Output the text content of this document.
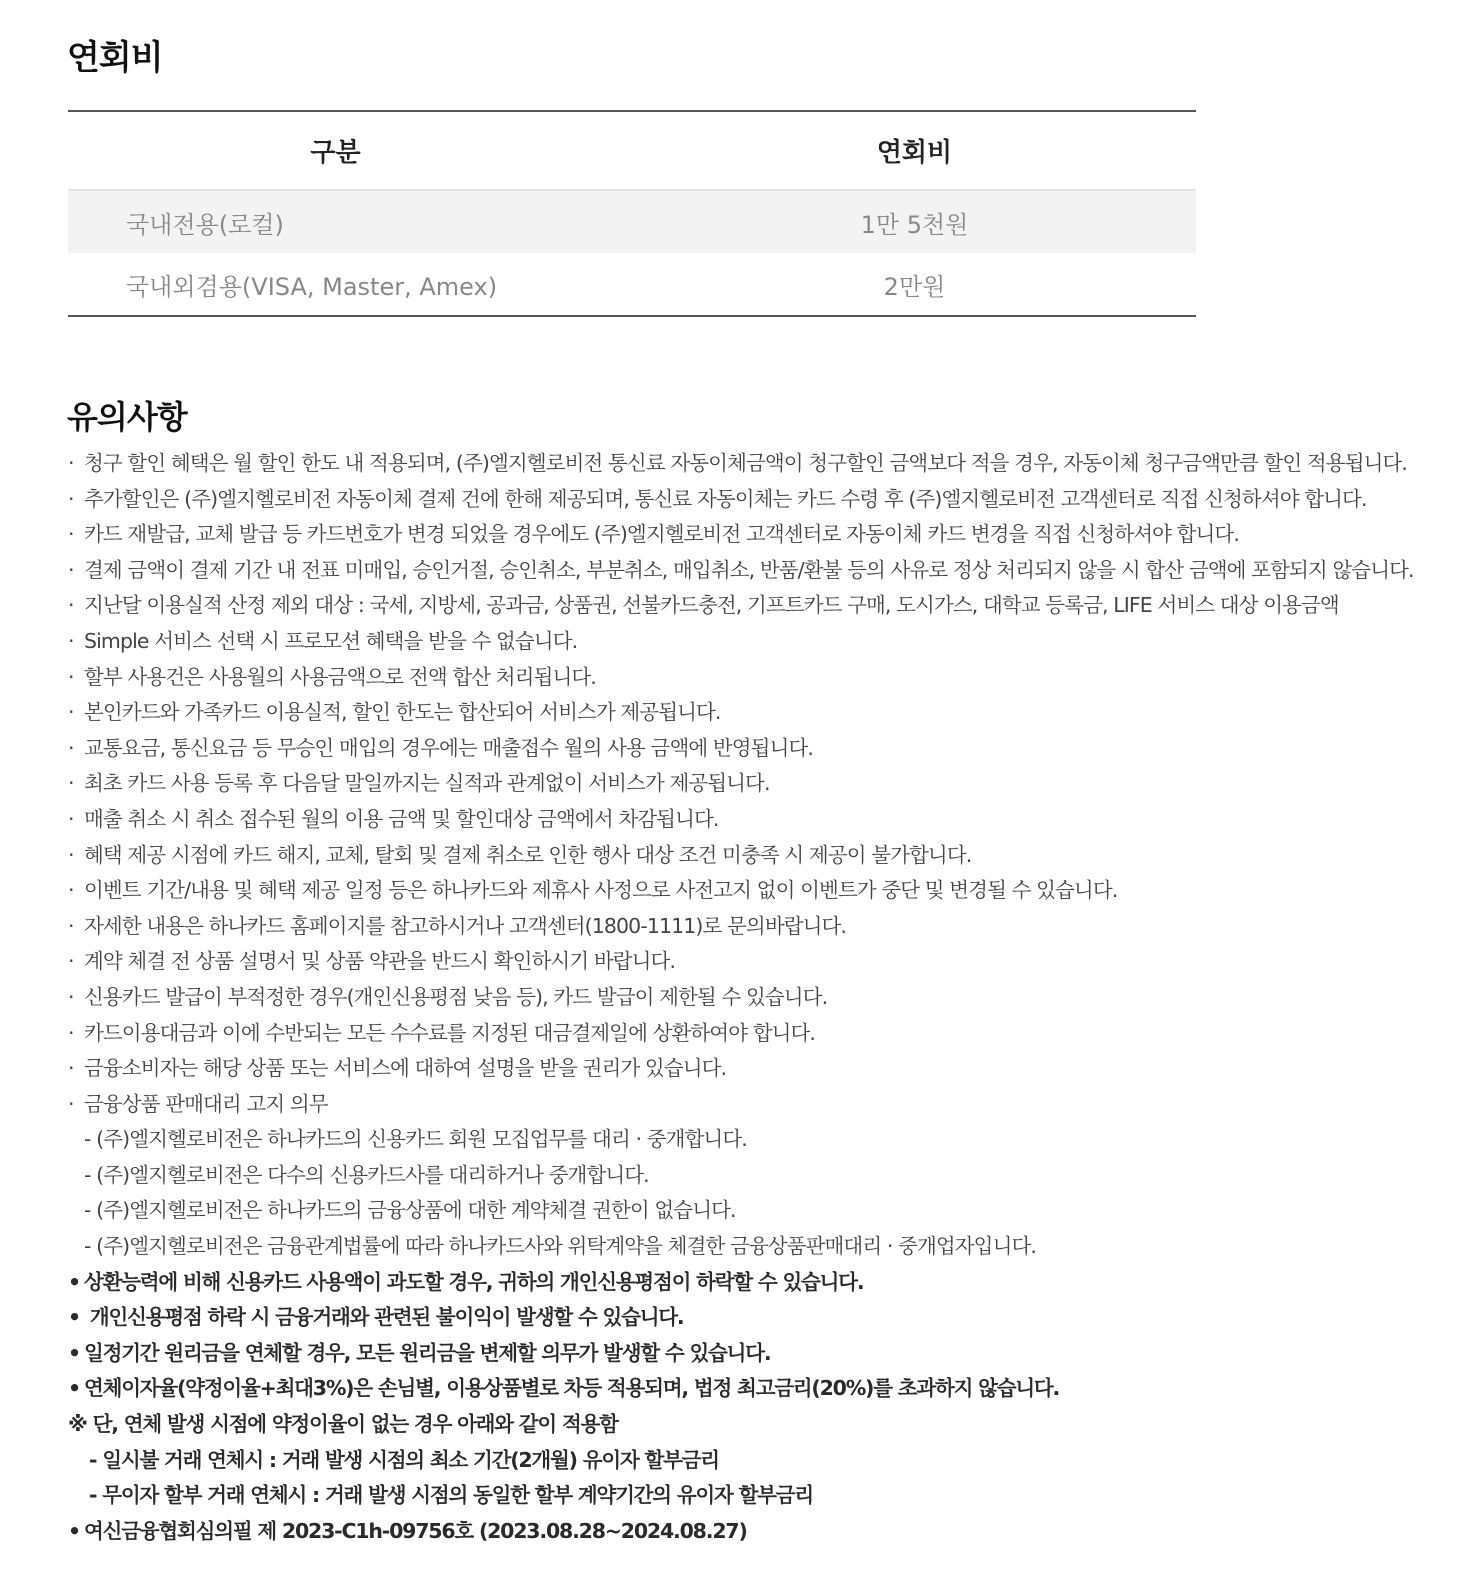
연회비
구분	연회비
국내전용(로컬)	1만 5천원
국내외겸용(VISA, Master, Amex)	2만원
유의사항
· 청구 할인 혜택은 월 할인 한도 내 적용되며, (주)엘지헬로비전 통신료 자동이체금액이 청구할인 금액보다 적을 경우, 자동이체 청구금액만큼 할인 적용됩니다.
· 추가할인은 (주)엘지헬로비전 자동이체 결제 건에 한해 제공되며, 통신료 자동이체는 카드 수령 후 (주)엘지헬로비전 고객센터로 직접 신청하셔야 합니다.
· 카드 재발급, 교체 발급 등 카드번호가 변경 되었을 경우에도 (주)엘지헬로비전 고객센터로 자동이체 카드 변경을 직접 신청하셔야 합니다.
· 결제 금액이 결제 기간 내 전표 미매입, 승인거절, 승인취소, 부분취소, 매입취소, 반품/환불 등의 사유로 정상 처리되지 않을 시 합산 금액에 포함되지 않습니다.
· 지난달 이용실적 산정 제외 대상 : 국세, 지방세, 공과금, 상품권, 선불카드충전, 기프트카드 구매, 도시가스, 대학교 등록금, LIFE 서비스 대상 이용금액
· Simple 서비스 선택 시 프로모션 혜택을 받을 수 없습니다.
· 할부 사용건은 사용월의 사용금액으로 전액 합산 처리됩니다.
· 본인카드와 가족카드 이용실적, 할인 한도는 합산되어 서비스가 제공됩니다.
· 교통요금, 통신요금 등 무승인 매입의 경우에는 매출접수 월의 사용 금액에 반영됩니다.
· 최초 카드 사용 등록 후 다음달 말일까지는 실적과 관계없이 서비스가 제공됩니다.
· 매출 취소 시 취소 접수된 월의 이용 금액 및 할인대상 금액에서 차감됩니다.
· 혜택 제공 시점에 카드 해지, 교체, 탈회 및 결제 취소로 인한 행사 대상 조건 미충족 시 제공이 불가합니다.
· 이벤트 기간/내용 및 혜택 제공 일정 등은 하나카드와 제휴사 사정으로 사전고지 없이 이벤트가 중단 및 변경될 수 있습니다.
· 자세한 내용은 하나카드 홈페이지를 참고하시거나 고객센터(1800-1111)로 문의바랍니다.
· 계약 체결 전 상품 설명서 및 상품 약관을 반드시 확인하시기 바랍니다.
· 신용카드 발급이 부적정한 경우(개인신용평점 낮음 등), 카드 발급이 제한될 수 있습니다.
· 카드이용대금과 이에 수반되는 모든 수수료를 지정된 대금결제일에 상환하여야 합니다.
· 금융소비자는 해당 상품 또는 서비스에 대하여 설명을 받을 권리가 있습니다.
· 금융상품 판매대리 고지 의무
- (주)엘지헬로비전은 하나카드의 신용카드 회원 모집업무를 대리 · 중개합니다.
- (주)엘지헬로비전은 다수의 신용카드사를 대리하거나 중개합니다.
- (주)엘지헬로비전은 하나카드의 금융상품에 대한 계약체결 권한이 없습니다.
- (주)엘지헬로비전은 금융관계법률에 따라 하나카드사와 위탁계약을 체결한 금융상품판매대리 · 중개업자입니다.
• 상환능력에 비해 신용카드 사용액이 과도할 경우, 귀하의 개인신용평점이 하락할 수 있습니다.
• 개인신용평점 하락 시 금융거래와 관련된 불이익이 발생할 수 있습니다.
• 일정기간 원리금을 연체할 경우, 모든 원리금을 변제할 의무가 발생할 수 있습니다.
• 연체이자율(약정이율+최대3%)은 손님별, 이용상품별로 차등 적용되며, 법정 최고금리(20%)를 초과하지 않습니다.
※ 단, 연체 발생 시점에 약정이율이 없는 경우 아래와 같이 적용함
- 일시불 거래 연체시 : 거래 발생 시점의 최소 기간(2개월) 유이자 할부금리
- 무이자 할부 거래 연체시 : 거래 발생 시점의 동일한 할부 계약기간의 유이자 할부금리
• 여신금융협회심의필 제 2023-C1h-09756호 (2023.08.28~2024.08.27)
